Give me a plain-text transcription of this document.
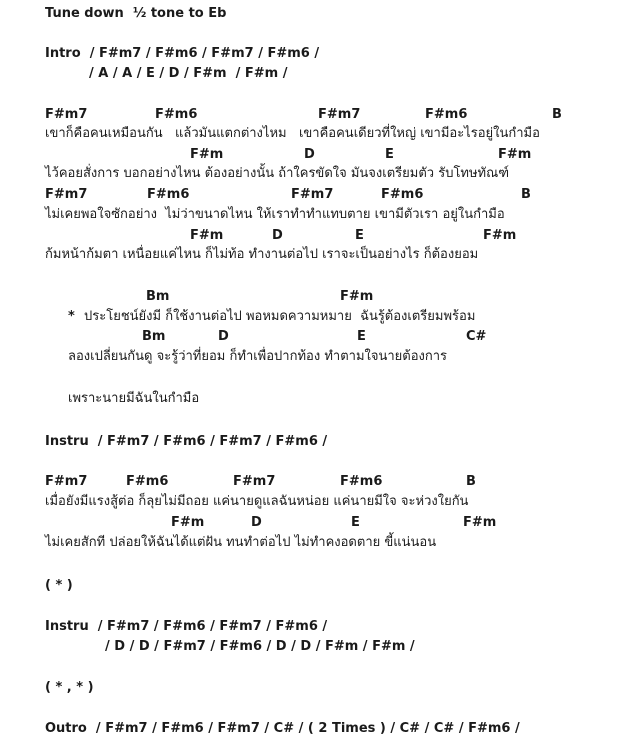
Tune down  ½ tone to Eb
Intro  / F#m7 / F#m6 / F#m7 / F#m6 /
/ A / A / E / D / F#m  / F#m /
F#m7	F#m6	F#m7	F#m6	B
เขาก็คือคนเหมือนกัน   แล้วมันแตกต่างไหม   เขาคือคนเดียวที่ใหญ่ เขามีอะไรอยู่ในกำมือ
F#m	D	E	F#m
ไว้คอยสั่งการ บอกอย่างไหน ต้องอย่างนั้น ถ้าใครขัดใจ มันจงเตรียมตัว รับโทษทัณฑ์
F#m7	F#m6	F#m7	F#m6	B
ไม่เคยพอใจซักอย่าง  ไม่ว่าขนาดไหน ให้เราทำทำแทบตาย เขามีตัวเรา อยู่ในกำมือ
F#m	D	E	F#m
ก้มหน้าก้มตา เหนื่อยแค่ไหน ก็ไม่ท้อ ทำงานต่อไป เราจะเป็นอย่างไร ก็ต้องยอม
Bm	F#m
* ประโยชน์ยังมี ก็ใช้งานต่อไป พอหมดความหมาย  ฉันรู้ต้องเตรียมพร้อม
Bm	D	E	C#
ลองเปลี่ยนกันดู จะรู้ว่าที่ยอม ก็ทำเพื่อปากท้อง ทำตามใจนายต้องการ
เพราะนายมีฉันในกำมือ
Instru  / F#m7 / F#m6 / F#m7 / F#m6 /
F#m7	F#m6	F#m7	F#m6	B
เมื่อยังมีแรงสู้ต่อ ก็ลุยไม่มีถอย แค่นายดูแลฉันหน่อย แค่นายมีใจ จะห่วงใยกัน
F#m	D	E	F#m
ไม่เคยสักที ปล่อยให้ฉันได้แต่ฝัน ทนทำต่อไป ไม่ทำคงอดตาย ขี้แน่นอน
( * )
Instru  / F#m7 / F#m6 / F#m7 / F#m6 /
/ D / D / F#m7 / F#m6 / D / D / F#m / F#m /
( * , * )
Outro  / F#m7 / F#m6 / F#m7 / C# / ( 2 Times ) / C# / C# / F#m6 /
